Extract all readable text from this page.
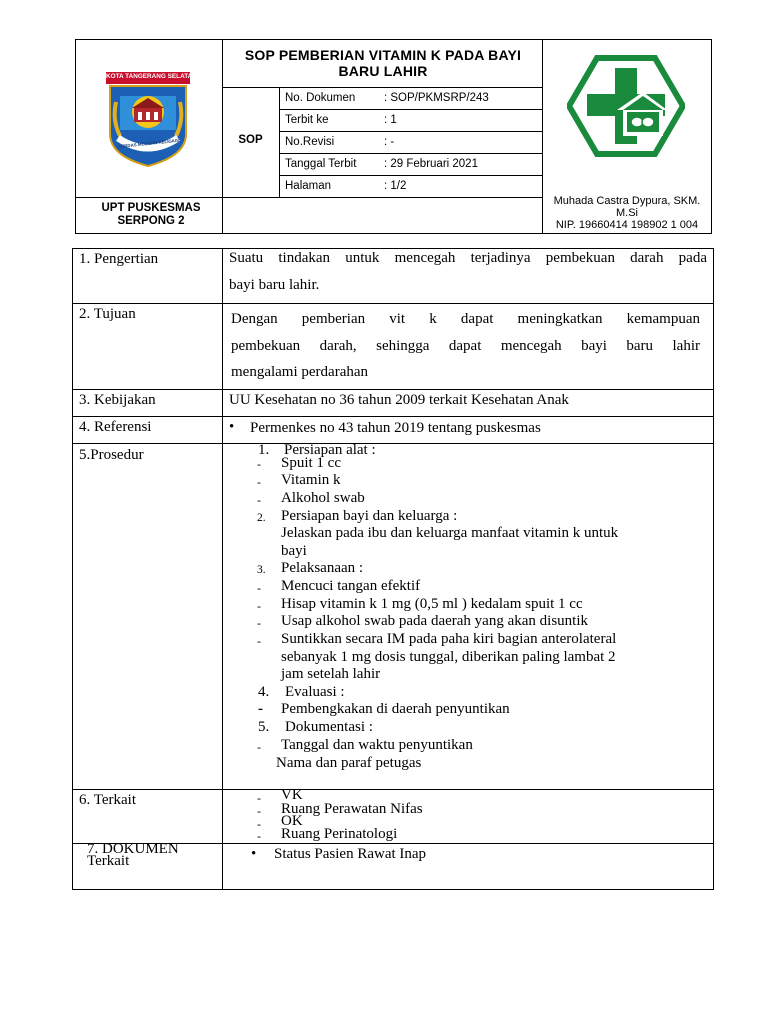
KOTA TANGERANG SELATAN
CERDAS MODERN RELIGIUS
SOP PEMBERIAN VITAMIN K PADA BAYI BARU LAHIR
SOP
No. Dokumen : SOP/PKMSRP/243
Terbit ke	: 1
No.Revisi	: -
Tanggal Terbit : 29 Februari 2021
Halaman	: 1/2
UPT PUSKESMAS SERPONG 2
Muhada Castra Dypura, SKM.
M.Si
NIP. 19660414 198902 1 004
1. Pengertian	Suatu tindakan untuk mencegah terjadinya pembekuan darah pada
bayi baru lahir.
2. Tujuan	Dengan pemberian vit k dapat meningkatkan kemampuan
pembekuan darah, sehingga dapat mencegah bayi baru lahir
mengalami perdarahan
3. Kebijakan	UU Kesehatan no 36 tahun 2009 terkait Kesehatan Anak
4. Referensi	• Permenkes no 43 tahun 2019 tentang puskesmas
5.Prosedur	1. Persiapan alat :
- Spuit 1 cc
- Vitamin k
- Alkohol swab
2. Persiapan bayi dan keluarga :
Jelaskan pada ibu dan keluarga manfaat vitamin k untuk
bayi
3. Pelaksanaan :
- Mencuci tangan efektif
- Hisap vitamin k 1 mg (0,5 ml ) kedalam spuit 1 cc
- Usap alkohol swab pada daerah yang akan disuntik
- Suntikkan secara IM pada paha kiri bagian anterolateral
sebanyak 1 mg dosis tunggal, diberikan paling lambat 2
jam setelah lahir
4. Evaluasi :
- Pembengkakan di daerah penyuntikan
5. Dokumentasi :
- Tanggal dan waktu penyuntikan
Nama dan paraf petugas
6. Terkait	- VK
- Ruang Perawatan Nifas
- OK
- Ruang Perinatologi
7. DOKUMEN
Terkait	• Status Pasien Rawat Inap
